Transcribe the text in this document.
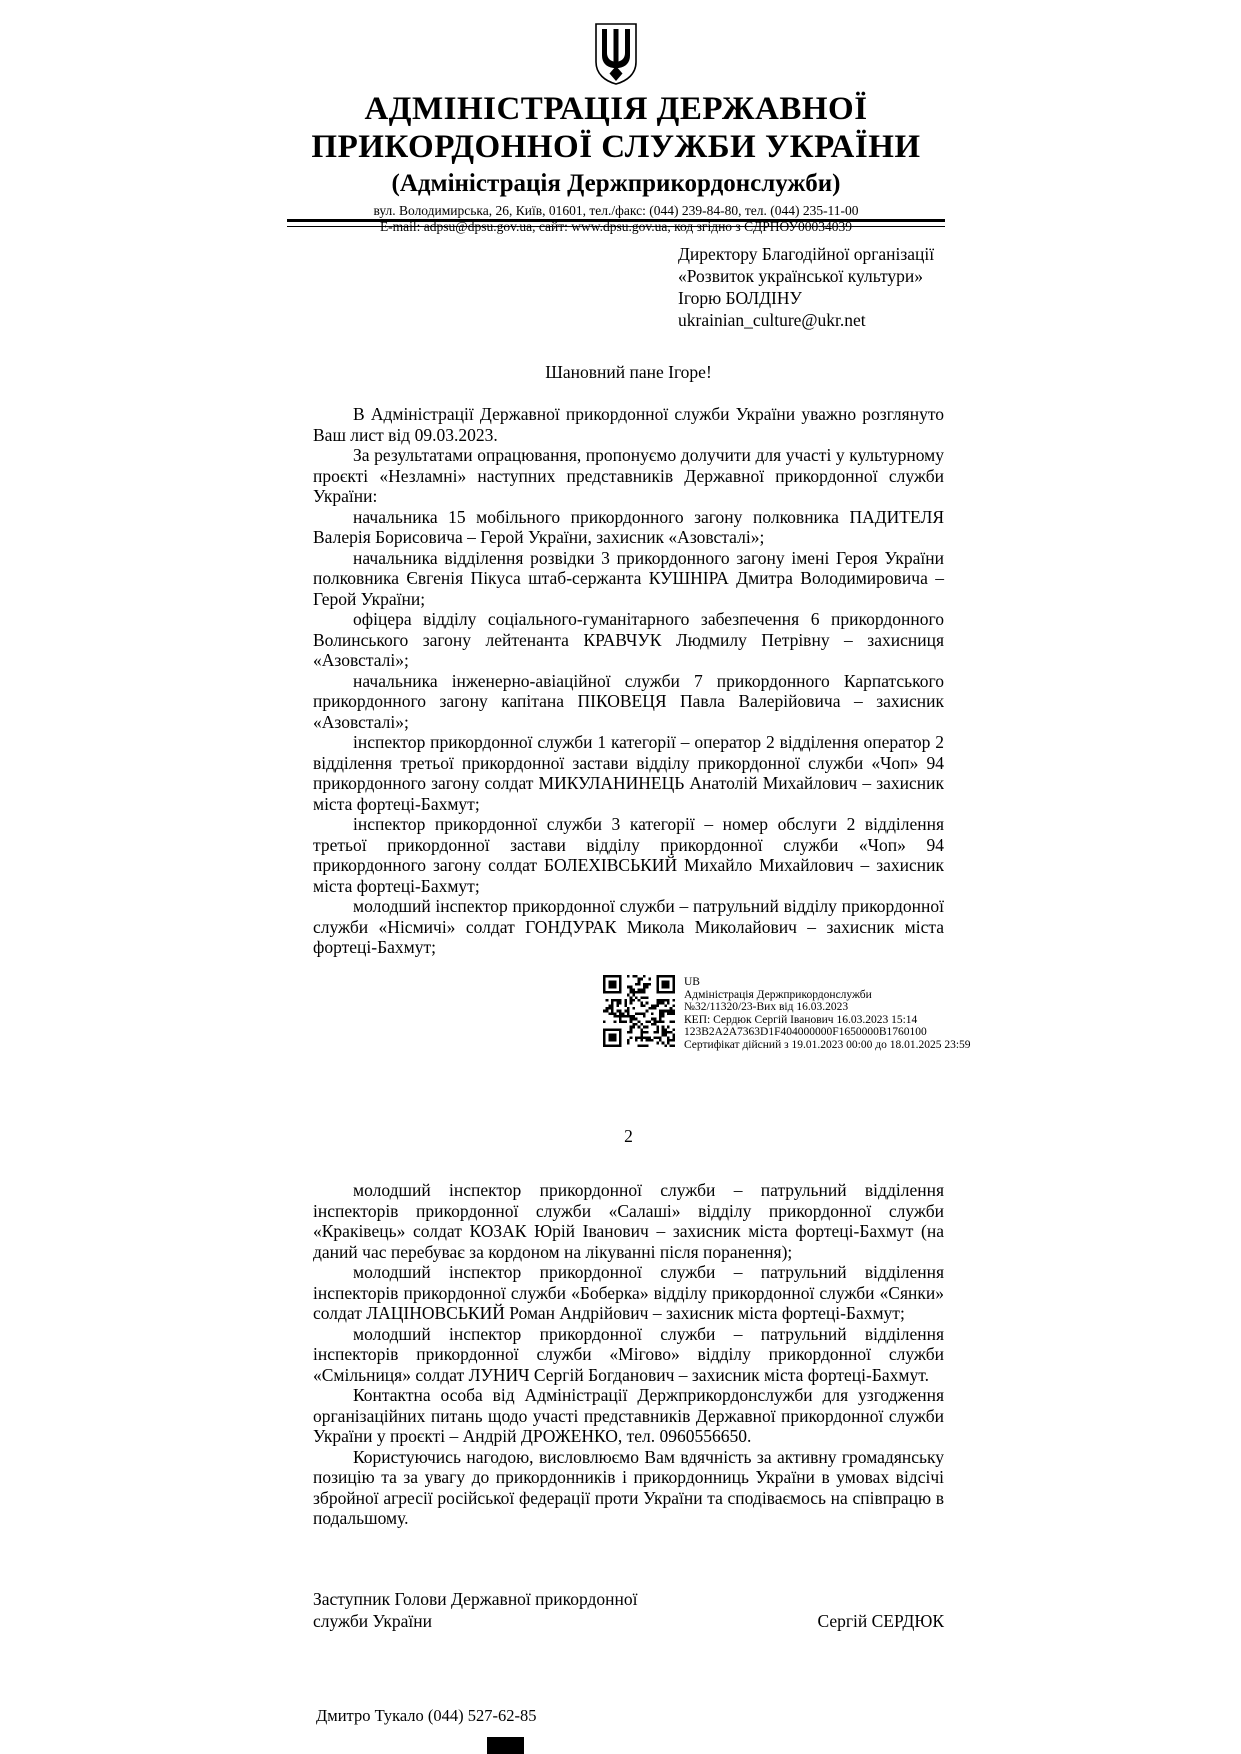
АДМІНІСТРАЦІЯ ДЕРЖАВНОЇ
ПРИКОРДОННОЇ СЛУЖБИ УКРАЇНИ
(Адміністрація Держприкордонслужби)
вул. Володимирська, 26, Київ, 01601, тел./факс: (044) 239-84-80, тел. (044) 235-11-00
E-mail: adpsu@dpsu.gov.ua, сайт: www.dpsu.gov.ua, код згідно з ЄДРПОУ00034039
Директору Благодійної організації
«Розвиток української культури»
Ігорю БОЛДІНУ
ukrainian_culture@ukr.net
Шановний пане Ігоре!

В Адміністрації Державної прикордонної служби України уважно розглянуто Ваш лист від 09.03.2023.

За результатами опрацювання, пропонуємо долучити для участі у культурному проєкті «Незламні» наступних представників Державної прикордонної служби України:

начальника 15 мобільного прикордонного загону полковника ПАДИТЕЛЯ Валерія Борисовича – Герой України, захисник «Азовсталі»;

начальника відділення розвідки 3 прикордонного загону імені Героя України полковника Євгенія Пікуса штаб-сержанта КУШНІРА Дмитра Володимировича – Герой України;

офіцера відділу соціального-гуманітарного забезпечення 6 прикордонного Волинського загону лейтенанта КРАВЧУК Людмилу Петрівну – захисниця «Азовсталі»;

начальника інженерно-авіаційної служби 7 прикордонного Карпатського прикордонного загону капітана ПІКОВЕЦЯ Павла Валерійовича – захисник «Азовсталі»;

інспектор прикордонної служби 1 категорії – оператор 2 відділення оператор 2 відділення третьої прикордонної застави відділу прикордонної служби «Чоп» 94 прикордонного загону солдат МИКУЛАНИНЕЦЬ Анатолій Михайлович – захисник міста фортеці-Бахмут;

інспектор прикордонної служби 3 категорії – номер обслуги 2 відділення третьої прикордонної застави відділу прикордонної служби «Чоп» 94 прикордонного загону солдат БОЛЕХІВСЬКИЙ Михайло Михайлович – захисник міста фортеці-Бахмут;

молодший інспектор прикордонної служби – патрульний відділу прикордонної служби «Нісмичі» солдат ГОНДУРАК Микола Миколайович – захисник міста фортеці-Бахмут;

UB
Адміністрація Держприкордонслужби
№32/11320/23-Вих від 16.03.2023
КЕП: Сердюк Сергій Іванович 16.03.2023 15:14
123B2A2A7363D1F404000000F1650000B1760100
Сертифікат дійсний з 19.01.2023 00:00 до 18.01.2025 23:59
2

молодший інспектор прикордонної служби – патрульний відділення інспекторів прикордонної служби «Салаші» відділу прикордонної служби «Краківець» солдат КОЗАК Юрій Іванович – захисник міста фортеці-Бахмут (на даний час перебуває за кордоном на лікуванні після поранення);

молодший інспектор прикордонної служби – патрульний відділення інспекторів прикордонної служби «Боберка» відділу прикордонної служби «Сянки» солдат ЛАЦІНОВСЬКИЙ Роман Андрійович – захисник міста фортеці-Бахмут;

молодший інспектор прикордонної служби – патрульний відділення інспекторів прикордонної служби «Мігово» відділу прикордонної служби «Смільниця» солдат ЛУНИЧ Сергій Богданович – захисник міста фортеці-Бахмут.

Контактна особа від Адміністрації Держприкордонслужби для узгодження організаційних питань щодо участі представників Державної прикордонної служби України у проєкті – Андрій ДРОЖЕНКО, тел. 0960556650.

Користуючись нагодою, висловлюємо Вам вдячність за активну громадянську позицію та за увагу до прикордонників і прикордонниць України в умовах відсічі збройної агресії російської федерації проти України та сподіваємось на співпрацю в подальшому.

Заступник Голови Державної прикордонної служби України	Сергій СЕРДЮК
Дмитро Тукало (044) 527-62-85
